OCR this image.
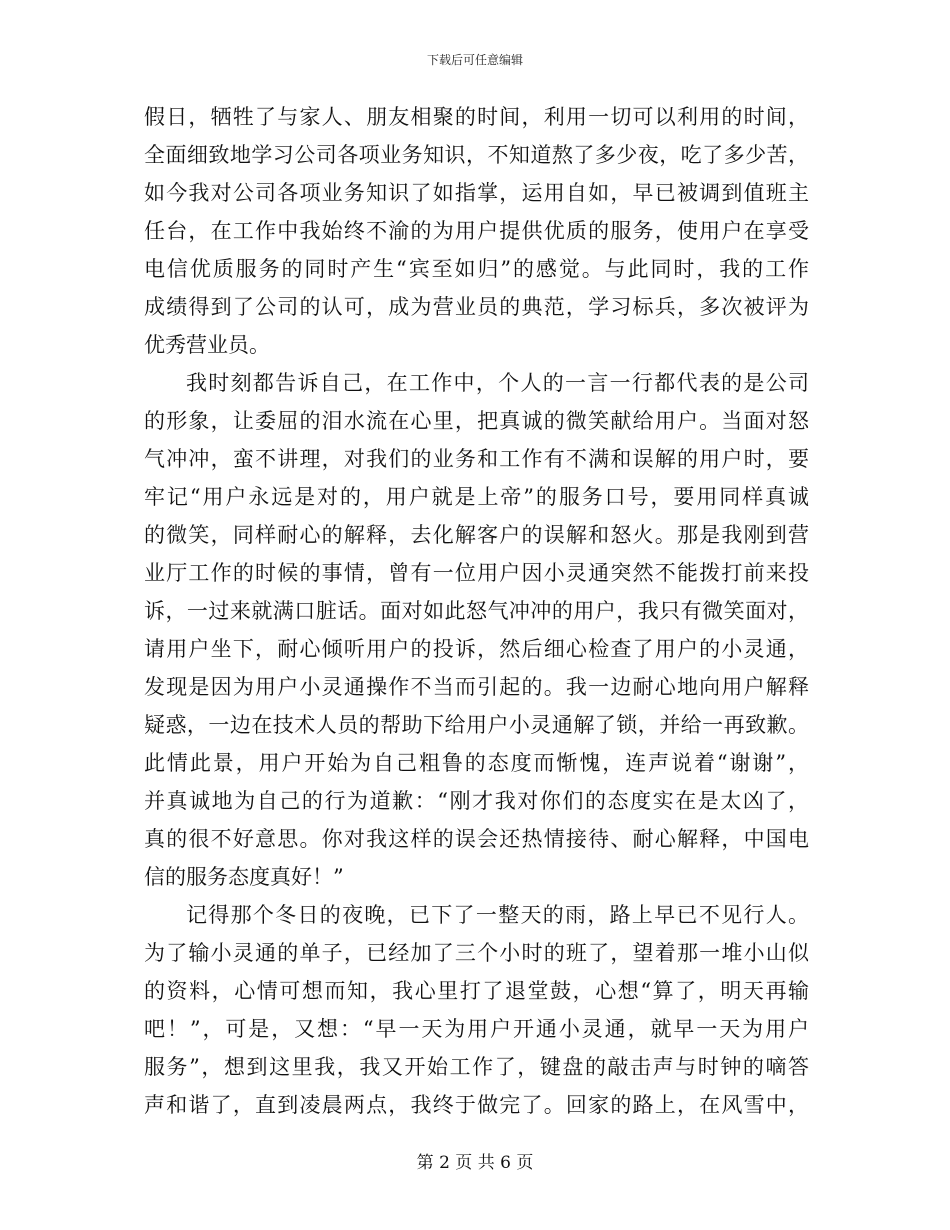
下载后可任意编辑
假日，牺牲了与家人、朋友相聚的时间，利用一切可以利用的时间，
全面细致地学习公司各项业务知识，不知道熬了多少夜，吃了多少苦，
如今我对公司各项业务知识了如指掌，运用自如，早已被调到值班主
任台，在工作中我始终不渝的为用户提供优质的服务，使用户在享受
电信优质服务的同时产生“宾至如归”的感觉。与此同时，我的工作
成绩得到了公司的认可，成为营业员的典范，学习标兵，多次被评为
优秀营业员。
我时刻都告诉自己，在工作中，个人的一言一行都代表的是公司
的形象，让委屈的泪水流在心里，把真诚的微笑献给用户。当面对怒
气冲冲，蛮不讲理，对我们的业务和工作有不满和误解的用户时，要
牢记“用户永远是对的，用户就是上帝”的服务口号，要用同样真诚
的微笑，同样耐心的解释，去化解客户的误解和怒火。那是我刚到营
业厅工作的时候的事情，曾有一位用户因小灵通突然不能拨打前来投
诉，一过来就满口脏话。面对如此怒气冲冲的用户，我只有微笑面对，
请用户坐下，耐心倾听用户的投诉，然后细心检查了用户的小灵通，
发现是因为用户小灵通操作不当而引起的。我一边耐心地向用户解释
疑惑，一边在技术人员的帮助下给用户小灵通解了锁，并给一再致歉。
此情此景，用户开始为自己粗鲁的态度而惭愧，连声说着“谢谢”，
并真诚地为自己的行为道歉：“刚才我对你们的态度实在是太凶了，
真的很不好意思。你对我这样的误会还热情接待、耐心解释，中国电
信的服务态度真好！”
记得那个冬日的夜晚，已下了一整天的雨，路上早已不见行人。
为了输小灵通的单子，已经加了三个小时的班了，望着那一堆小山似
的资料，心情可想而知，我心里打了退堂鼓，心想“算了，明天再输
吧！”，可是，又想：“早一天为用户开通小灵通，就早一天为用户
服务”，想到这里我，我又开始工作了，键盘的敲击声与时钟的嘀答
声和谐了，直到凌晨两点，我终于做完了。回家的路上，在风雪中，
第 2 页 共 6 页
